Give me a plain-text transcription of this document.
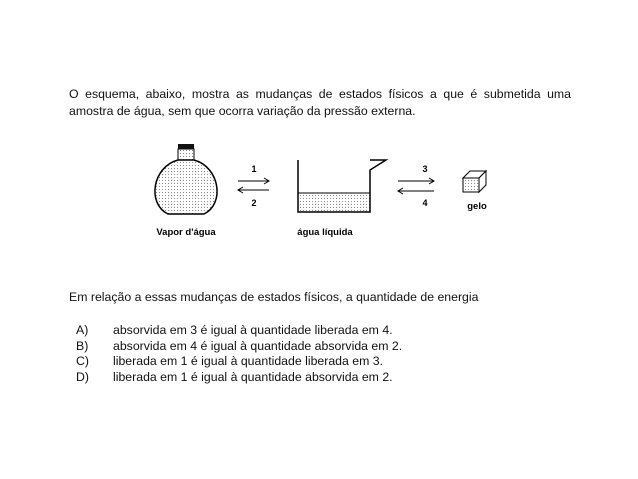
O esquema, abaixo, mostra as mudanças de estados físicos a que é submetida uma amostra de água, sem que ocorra variação da pressão externa.

1
2
3
4
Vapor d'água	água líquida
gelo

Em relação a essas mudanças de estados físicos, a quantidade de energia

A)	absorvida em 3 é igual à quantidade liberada em 4.
B)	absorvida em 4 é igual à quantidade absorvida em 2.
C)	liberada em 1 é igual à quantidade liberada em 3.
D)	liberada em 1 é igual à quantidade absorvida em 2.
